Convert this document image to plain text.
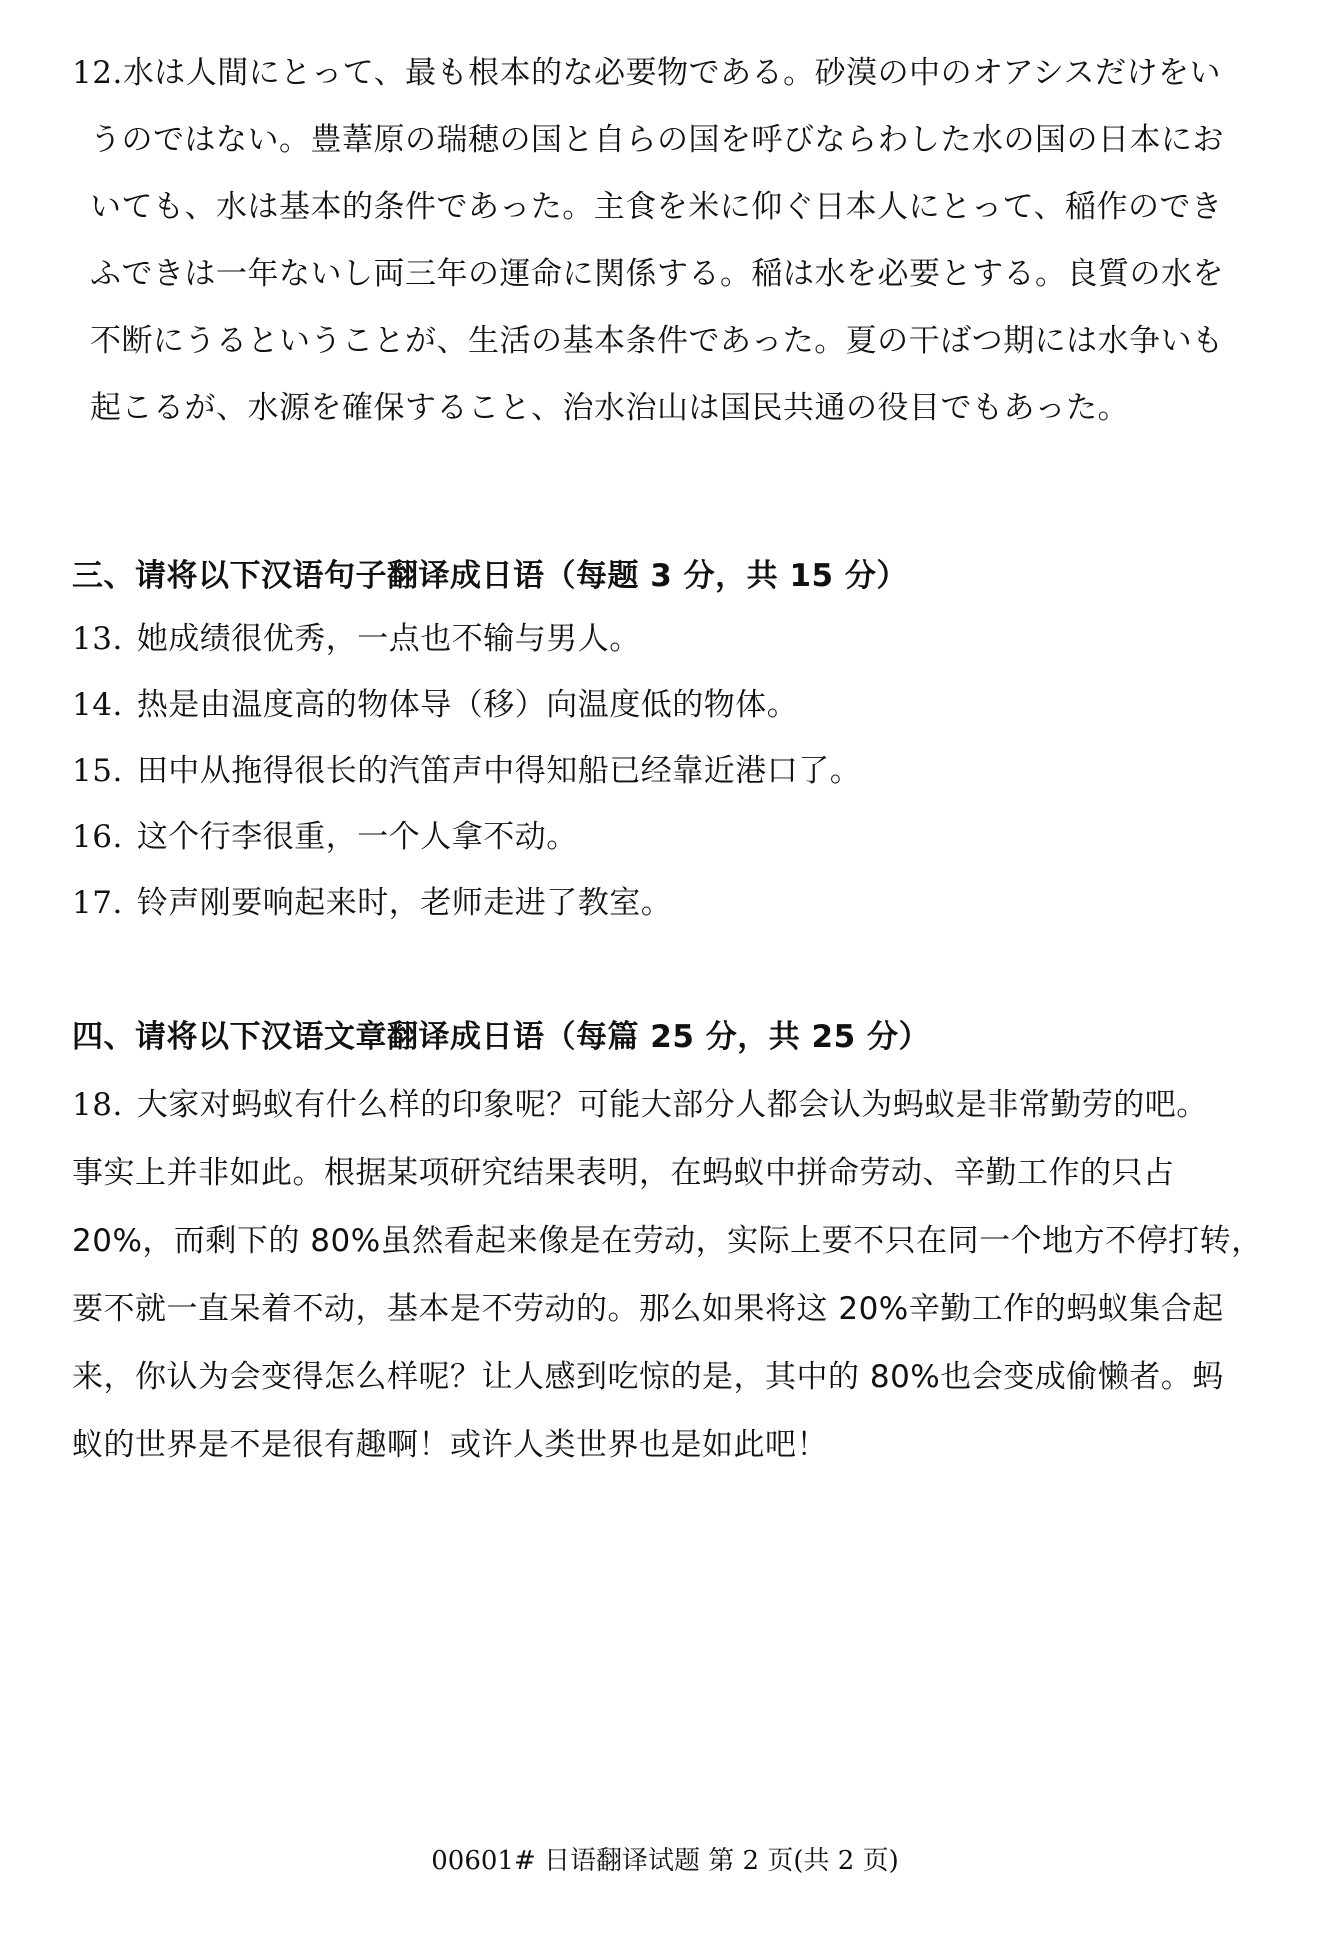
12.水は人間にとって、最も根本的な必要物である。砂漠の中のオアシスだけをい

うのではない。豊葦原の瑞穂の国と自らの国を呼びならわした水の国の日本にお

いても、水は基本的条件であった。主食を米に仰ぐ日本人にとって、稲作のでき

ふできは一年ないし両三年の運命に関係する。稲は水を必要とする。良質の水を

不断にうるということが、生活の基本条件であった。夏の干ばつ期には水争いも

起こるが、水源を確保すること、治水治山は国民共通の役目でもあった。

三、请将以下汉语句子翻译成日语（每题 3 分，共 15 分）

13. 她成绩很优秀，一点也不输与男人。

14. 热是由温度高的物体导（移）向温度低的物体。

15. 田中从拖得很长的汽笛声中得知船已经靠近港口了。

16. 这个行李很重，一个人拿不动。

17. 铃声刚要响起来时，老师走进了教室。

四、请将以下汉语文章翻译成日语（每篇 25 分，共 25 分）

18. 大家对蚂蚁有什么样的印象呢？可能大部分人都会认为蚂蚁是非常勤劳的吧。

事实上并非如此。根据某项研究结果表明，在蚂蚁中拼命劳动、辛勤工作的只占

20%，而剩下的 80%虽然看起来像是在劳动，实际上要不只在同一个地方不停打转，

要不就一直呆着不动，基本是不劳动的。那么如果将这 20%辛勤工作的蚂蚁集合起

来，你认为会变得怎么样呢？让人感到吃惊的是，其中的 80%也会变成偷懒者。蚂

蚁的世界是不是很有趣啊！或许人类世界也是如此吧！

00601# 日语翻译试题 第 2 页(共 2 页)
